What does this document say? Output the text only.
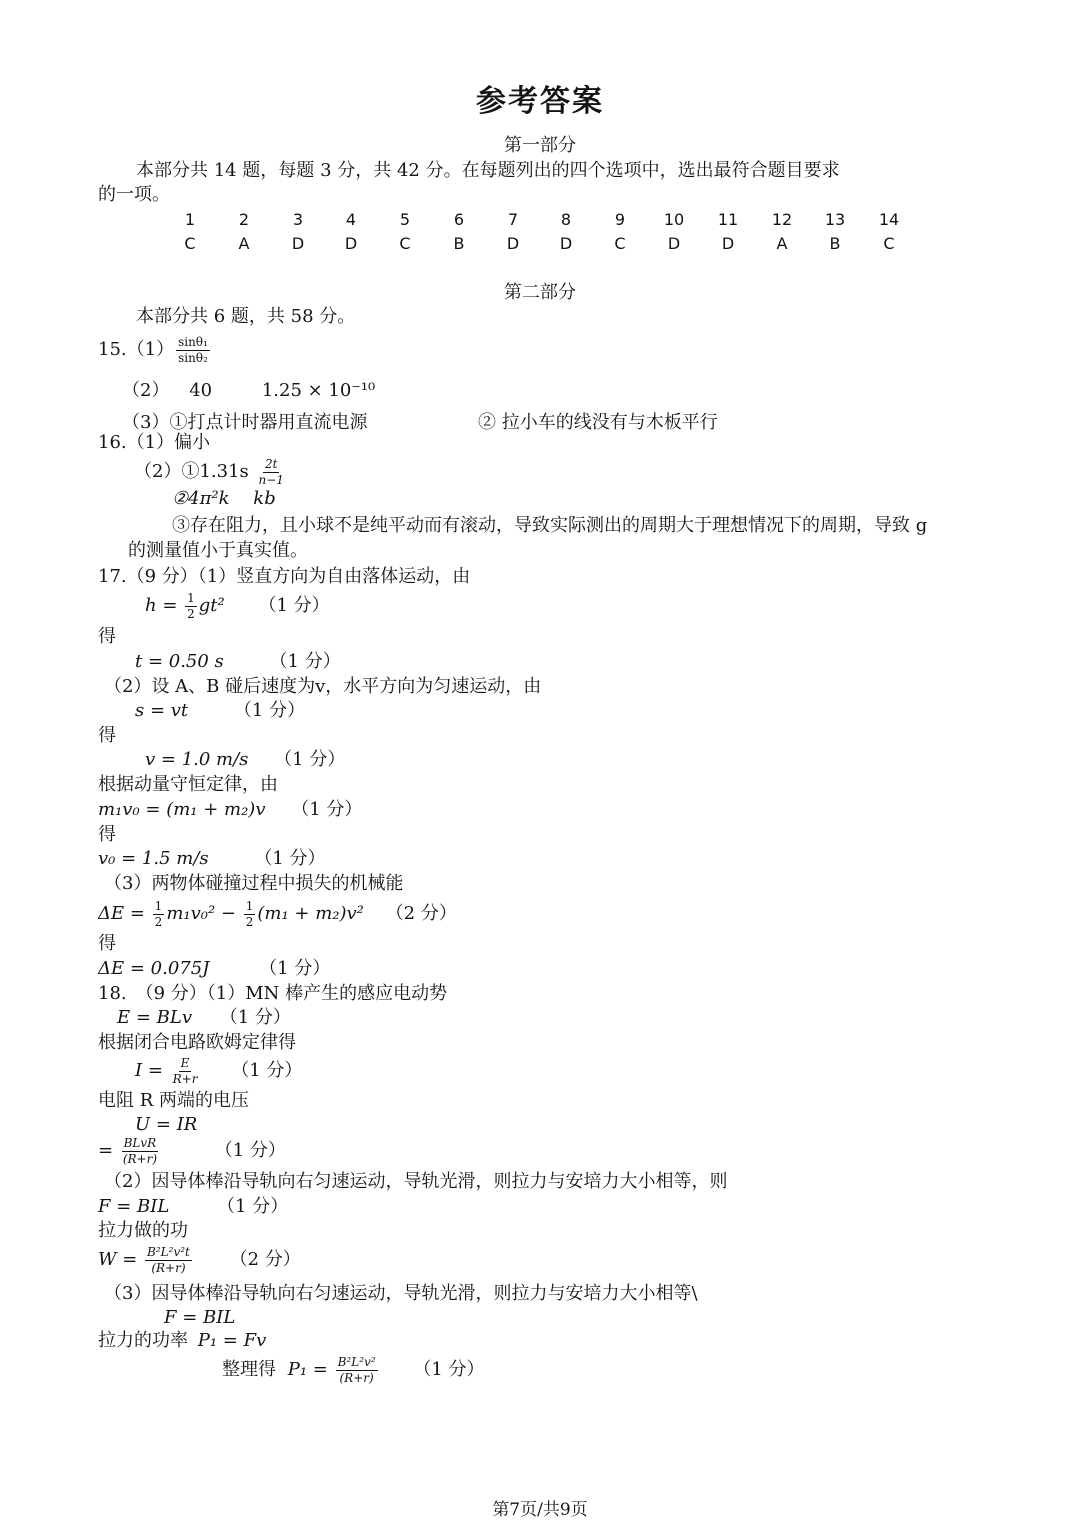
参考答案
第一部分
本部分共 14 题，每题 3 分，共 42 分。在每题列出的四个选项中，选出最符合题目要求
的一项。
1	2	3	4	5	6	7	8	9	10	11	12	13	14
C	A	D	D	C	B	D	D	C	D	D	A	B	C
第二部分
本部分共 6 题，共 58 分。
$15.(1) \frac{\text{sinθ₁}}{\text{sinθ₂}}$
（2） 40	1.25 × 10⁻¹⁰
（3）①打点计时器用直流电源	② 拉小车的线没有与木板平行
16.（1）偏小
（2）①1.31s $\frac{2t}{n-1}$
②4π²k kb
③存在阻力，且小球不是纯平动而有滚动，导致实际测出的周期大于理想情况下的周期，导致 g
的测量值小于真实值。
17.（9 分）（1）竖直方向为自由落体运动，由
$h = \frac{1}{2} gt^2$ （1 分）
得
t = 0.50 s	（1 分）
（2）设 A、B 碰后速度为v，水平方向为匀速运动，由
s = vt	（1 分）
得
v = 1.0 m/s （1 分）
根据动量守恒定律，由
m₁v₀ = (m₁ + m₂)v （1 分）
得
v₀ = 1.5 m/s	（1 分）
（3）两物体碰撞过程中损失的机械能
$\Delta E = \frac{1}{2} m_1v_0^2 - \frac{1}{2} (m_1 + m_2)v^2$ （2 分）
得
ΔE = 0.075J	（1 分）
18.　（9 分）（1）MN 棒产生的感应电动势
E = BLv （1 分）
根据闭合电路欧姆定律得
$I = \frac{E}{R+r} (1$ 分）
电阻 R 两端的电压
U = IR
= $\frac{\text{BLvR}}{(R+r)}$	（1 分）
（2）因导体棒沿导轨向右匀速运动，导轨光滑，则拉力与安培力大小相等，则
F = BIL	（1 分）
拉力做的功
$W = \frac{\text{B²L²v²t}}{(R+r)} (2$ 分）
（3）因导体棒沿导轨向右匀速运动，导轨光滑，则拉力与安培力大小相等\
F = BIL
拉力的功率 P₁ = Fv
整理得 $P_1 = \frac{\text{B²L²v²}}{(R+r)} (1$ 分）
第7页/共9页
